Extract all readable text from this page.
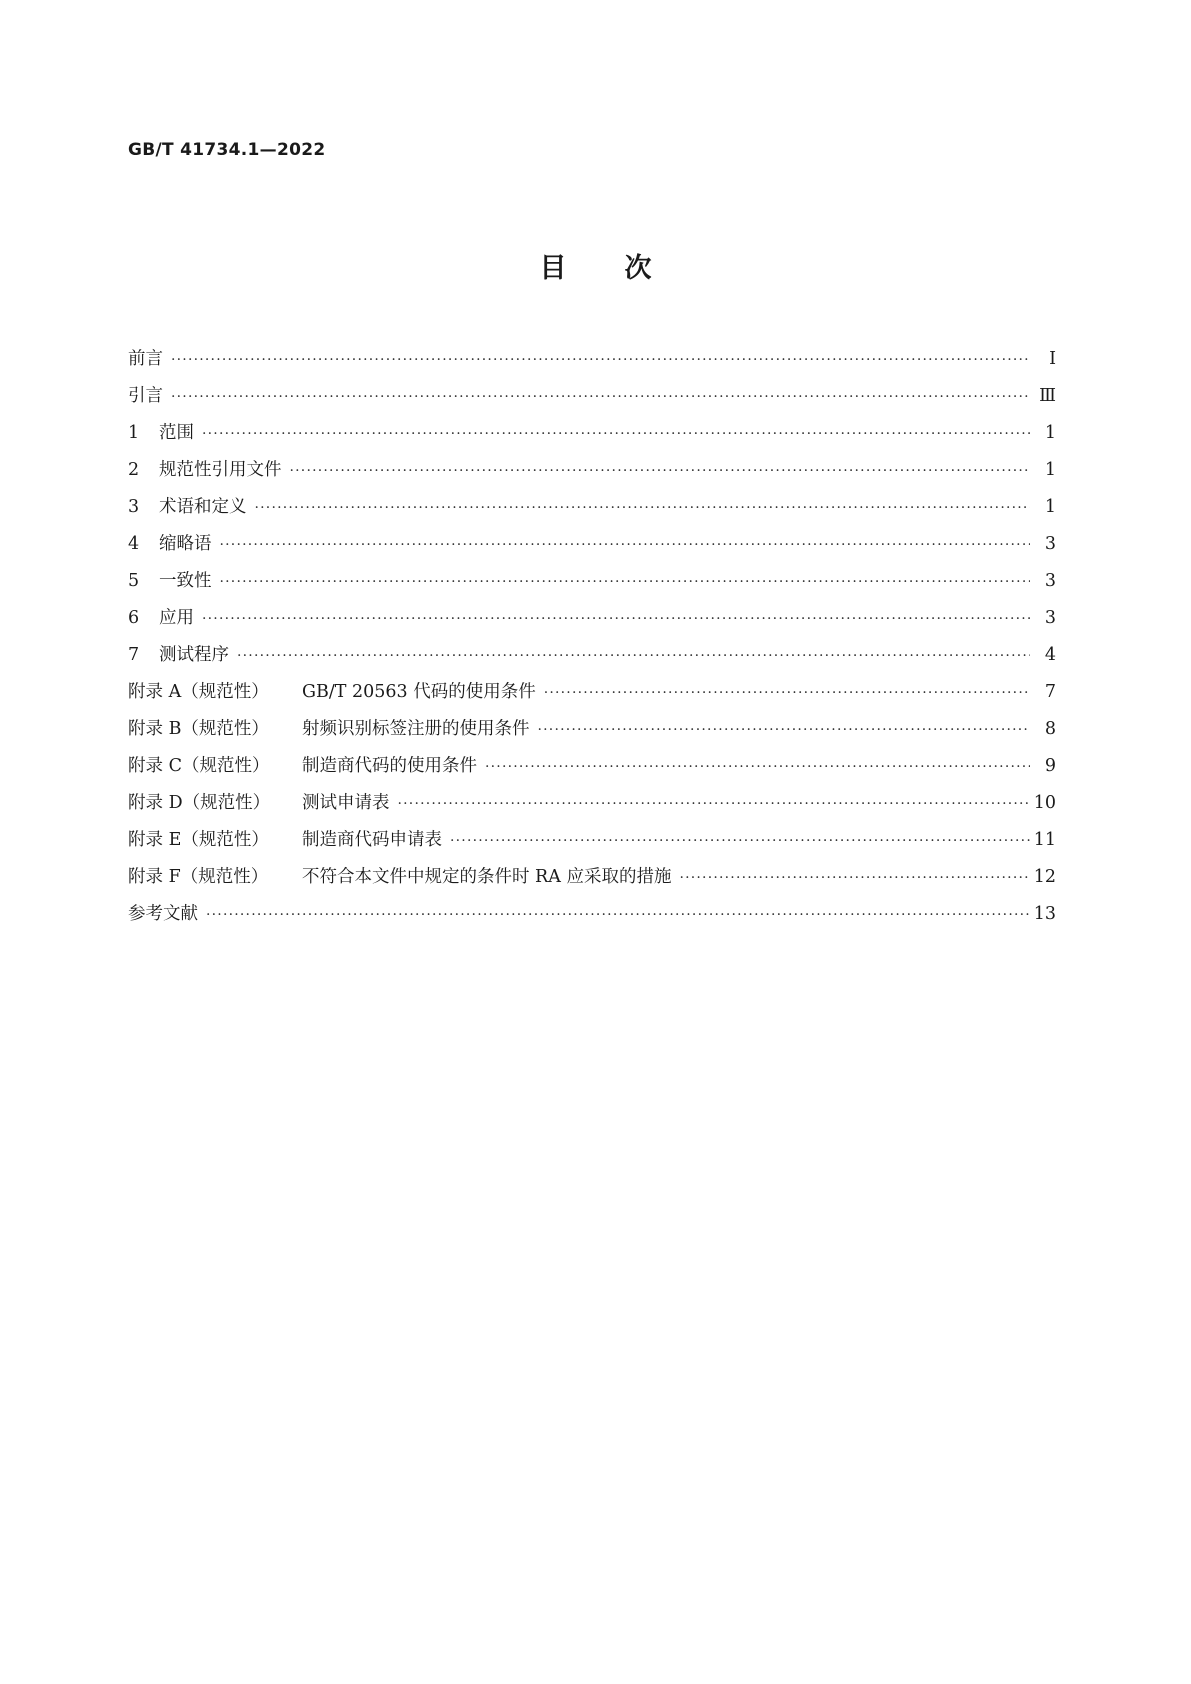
GB/T 41734.1—2022
目次
前言 ·····	Ⅰ
引言 ·····	Ⅲ
1	范围 ·····	1
2	规范性引用文件 ·····	1
3	术语和定义 ·····	1
4	缩略语 ·····	3
5	一致性 ·····	3
6	应用 ·····	3
7	测试程序 ·····	4
附录 A（规范性）	GB/T 20563 代码的使用条件 ·····	7
附录 B（规范性）	射频识别标签注册的使用条件 ·····	8
附录 C（规范性）	制造商代码的使用条件 ·····	9
附录 D（规范性）	测试申请表 ·····	10
附录 E（规范性）	制造商代码申请表 ·····	11
附录 F（规范性）	不符合本文件中规定的条件时 RA 应采取的措施 ·····	12
参考文献 ·····	13
